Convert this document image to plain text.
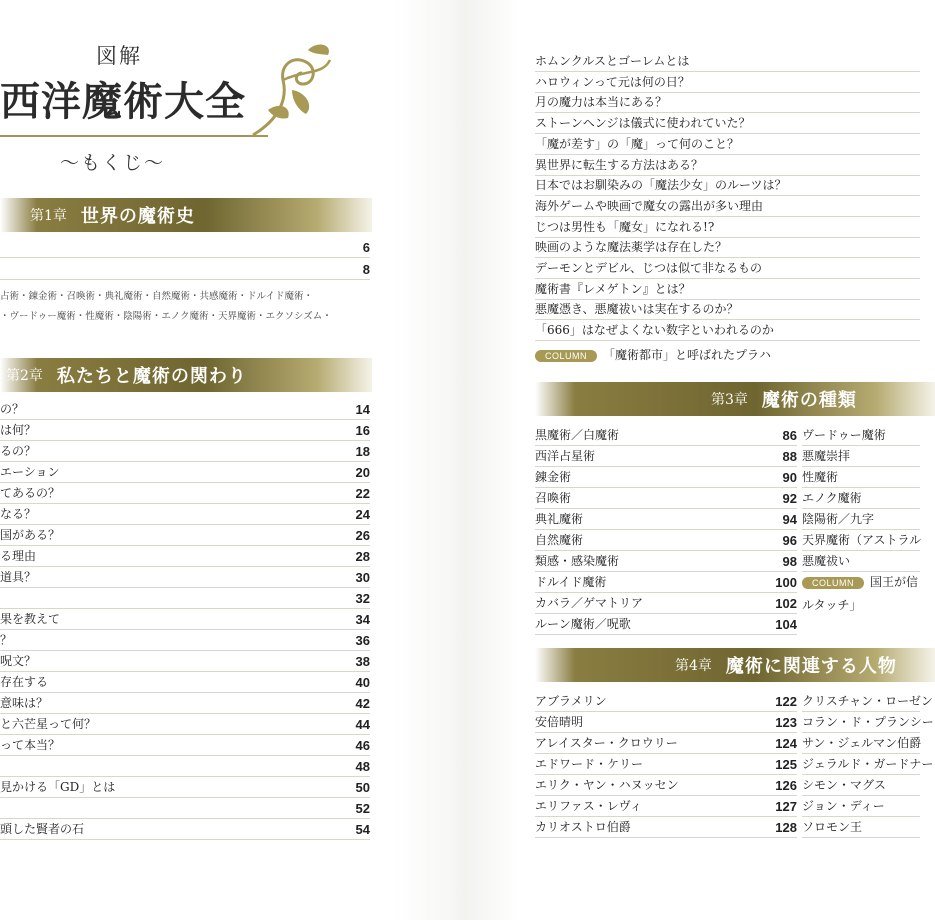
図解
西洋魔術大全
〜もくじ〜
第1章 世界の魔術史
6
8
占術・錬金術・召喚術・典礼魔術・自然魔術・共感魔術・ドルイド魔術・
・ヴードゥー魔術・性魔術・陰陽術・エノク魔術・天界魔術・エクソシズム・
第2章 私たちと魔術の関わり
の？	14
は何？	16
るの？	18
エーション	20
てあるの？	22
なる？	24
国がある？	26
る理由	28
道具？	30
32
果を教えて	34
？	36
呪文？	38
存在する	40
意味は？	42
と六芒星って何？	44
って本当？	46
48
見かける「GD」とは	50
52
頭した賢者の石	54
ホムンクルスとゴーレムとは
ハロウィンって元は何の日？
月の魔力は本当にある？
ストーンヘンジは儀式に使われていた？
「魔が差す」の「魔」って何のこと？
異世界に転生する方法はある？
日本ではお馴染みの「魔法少女」のルーツは？
海外ゲームや映画で魔女の露出が多い理由
じつは男性も「魔女」になれる!?
映画のような魔法薬学は存在した？
デーモンとデビル、じつは似て非なるもの
魔術書『レメゲトン』とは？
悪魔憑き、悪魔祓いは実在するのか？
「666」はなぜよくない数字といわれるのか
COLUMN 「魔術都市」と呼ばれたプラハ
第3章 魔術の種類
黒魔術／白魔術	86
西洋占星術	88
錬金術	90
召喚術	92
典礼魔術	94
自然魔術	96
類感・感染魔術	98
ドルイド魔術	100
カバラ／ゲマトリア	102
ルーン魔術／呪歌	104
ヴードゥー魔術
悪魔崇拝
性魔術
エノク魔術
陰陽術／九字
天界魔術（アストラル
悪魔祓い
COLUMN 国王が信
ルタッチ」
第4章 魔術に関連する人物
アブラメリン	122
安倍晴明	123
アレイスター・クロウリー	124
エドワード・ケリー	125
エリク・ヤン・ハヌッセン	126
エリファス・レヴィ	127
カリオストロ伯爵	128
クリスチャン・ローゼン
コラン・ド・プランシー
サン・ジェルマン伯爵
ジェラルド・ガードナー
シモン・マグス
ジョン・ディー
ソロモン王
